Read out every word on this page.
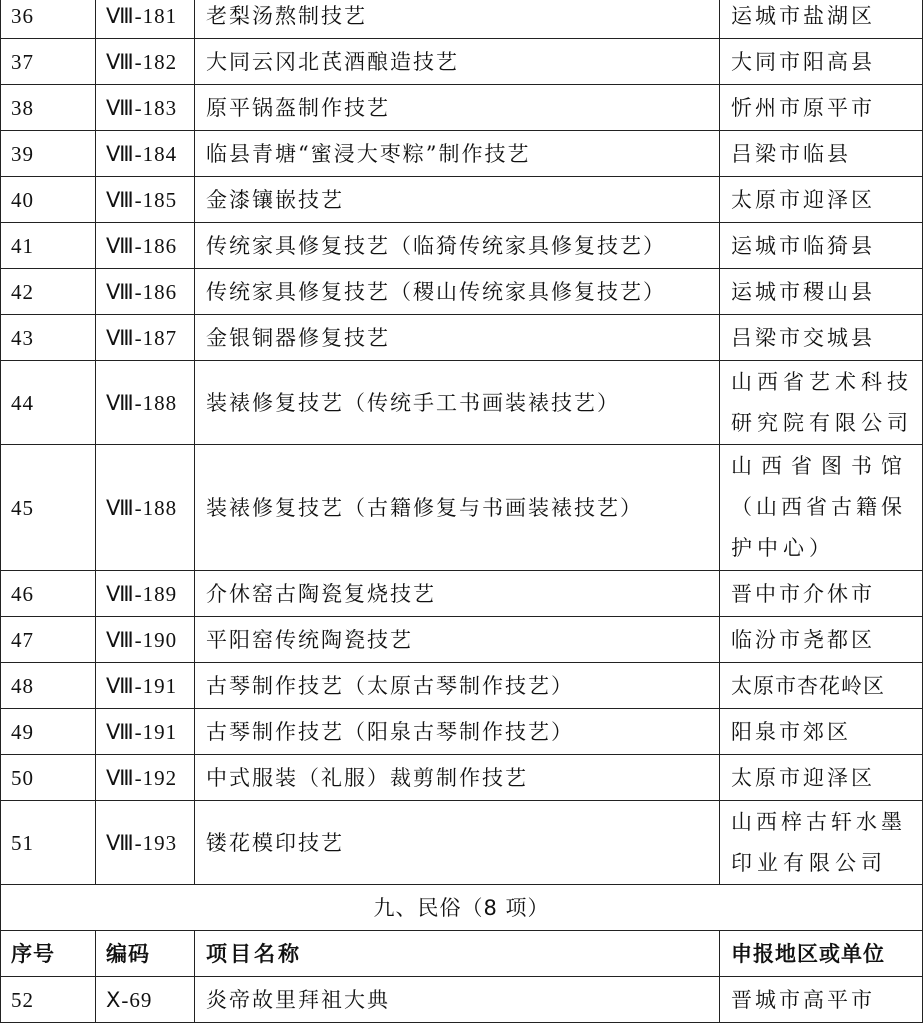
36	Ⅷ-181	老梨汤熬制技艺	运城市盐湖区
37	Ⅷ-182	大同云冈北芪酒酿造技艺	大同市阳高县
38	Ⅷ-183	原平锅盔制作技艺	忻州市原平市
39	Ⅷ-184	临县青塘“蜜浸大枣粽”制作技艺	吕梁市临县
40	Ⅷ-185	金漆镶嵌技艺	太原市迎泽区
41	Ⅷ-186	传统家具修复技艺（临猗传统家具修复技艺）	运城市临猗县
42	Ⅷ-186	传统家具修复技艺（稷山传统家具修复技艺）	运城市稷山县
43	Ⅷ-187	金银铜器修复技艺	吕梁市交城县
44	Ⅷ-188	装裱修复技艺（传统手工书画装裱技艺）	山西省艺术科技
研究院有限公司

45	Ⅷ-188	装裱修复技艺（古籍修复与书画装裱技艺）	山西省图书馆
（山西省古籍保
护中心）

46	Ⅷ-189	介休窑古陶瓷复烧技艺	晋中市介休市
47	Ⅷ-190	平阳窑传统陶瓷技艺	临汾市尧都区
48	Ⅷ-191	古琴制作技艺（太原古琴制作技艺）	太原市杏花岭区
49	Ⅷ-191	古琴制作技艺（阳泉古琴制作技艺）	阳泉市郊区
50	Ⅷ-192	中式服装（礼服）裁剪制作技艺	太原市迎泽区
51	Ⅷ-193	镂花模印技艺	山西梓古轩水墨
印业有限公司

九、民俗（8 项）			
序号	编码	项目名称	申报地区或单位
52	Ⅹ-69	炎帝故里拜祖大典	晋城市高平市
